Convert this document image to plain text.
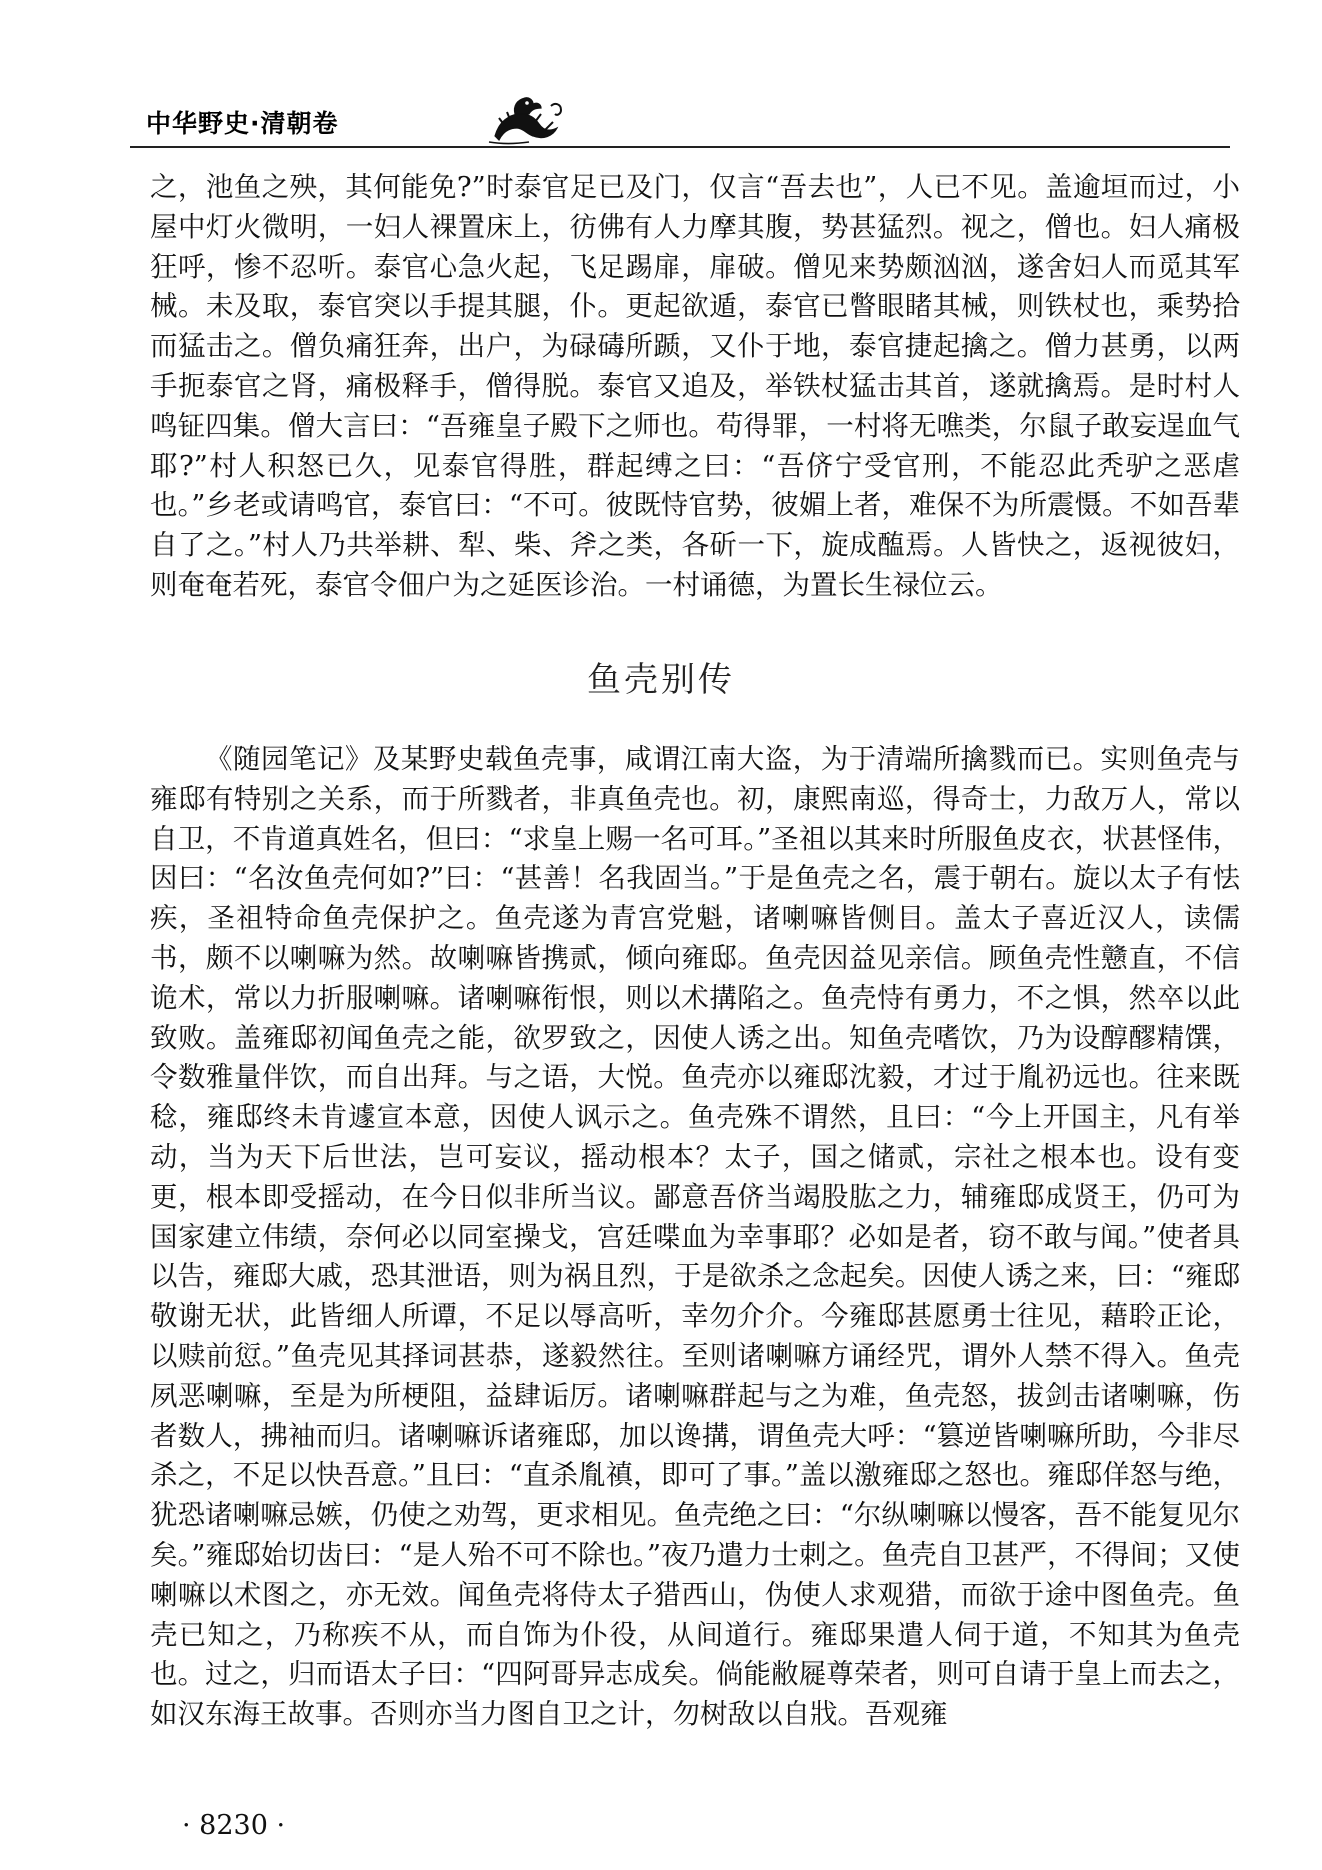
中华野史·清朝卷

之，池鱼之殃，其何能免?”时泰官足已及门，仅言“吾去也”，人已不见。盖逾垣而过，小屋中灯火微明，一妇人裸置床上，彷佛有人力摩其腹，势甚猛烈。视之，僧也。妇人痛极狂呼，惨不忍听。泰官心急火起，飞足踢扉，扉破。僧见来势颇汹汹，遂舍妇人而觅其军械。未及取，泰官突以手提其腿，仆。更起欲遁，泰官已瞥眼睹其械，则铁杖也，乘势拾而猛击之。僧负痛狂奔，出户，为碌碡所踬，又仆于地，泰官捷起擒之。僧力甚勇，以两手扼泰官之肾，痛极释手，僧得脱。泰官又追及，举铁杖猛击其首，遂就擒焉。是时村人鸣钲四集。僧大言曰：“吾雍皇子殿下之师也。苟得罪，一村将无噍类，尔鼠子敢妄逞血气耶?”村人积怒已久，见泰官得胜，群起缚之曰：“吾侪宁受官刑，不能忍此秃驴之恶虐也。”乡老或请鸣官，泰官曰：“不可。彼既恃官势，彼媚上者，难保不为所震慑。不如吾辈自了之。”村人乃共举耕、犁、柴、斧之类，各斫一下，旋成醢焉。人皆快之，返视彼妇，则奄奄若死，泰官令佃户为之延医诊治。一村诵德，为置长生禄位云。

鱼壳别传

《随园笔记》及某野史载鱼壳事，咸谓江南大盗，为于清端所擒戮而已。实则鱼壳与雍邸有特别之关系，而于所戮者，非真鱼壳也。初，康熙南巡，得奇士，力敌万人，常以自卫，不肯道真姓名，但曰：“求皇上赐一名可耳。”圣祖以其来时所服鱼皮衣，状甚怪伟，因曰：“名汝鱼壳何如?”曰：“甚善！名我固当。”于是鱼壳之名，震于朝右。旋以太子有怯疾，圣祖特命鱼壳保护之。鱼壳遂为青宫党魁，诸喇嘛皆侧目。盖太子喜近汉人，读儒书，颇不以喇嘛为然。故喇嘛皆携贰，倾向雍邸。鱼壳因益见亲信。顾鱼壳性戆直，不信诡术，常以力折服喇嘛。诸喇嘛衔恨，则以术搆陷之。鱼壳恃有勇力，不之惧，然卒以此致败。盖雍邸初闻鱼壳之能，欲罗致之，因使人诱之出。知鱼壳嗜饮，乃为设醇醪精馔，令数雅量伴饮，而自出拜。与之语，大悦。鱼壳亦以雍邸沈毅，才过于胤礽远也。往来既稔，雍邸终未肯遽宣本意，因使人讽示之。鱼壳殊不谓然，且曰：“今上开国主，凡有举动，当为天下后世法，岂可妄议，摇动根本？太子，国之储贰，宗社之根本也。设有变更，根本即受摇动，在今日似非所当议。鄙意吾侪当竭股肱之力，辅雍邸成贤王，仍可为国家建立伟绩，奈何必以同室操戈，宫廷喋血为幸事耶？必如是者，窃不敢与闻。”使者具以告，雍邸大戚，恐其泄语，则为祸且烈，于是欲杀之念起矣。因使人诱之来，曰：“雍邸敬谢无状，此皆细人所谭，不足以辱高听，幸勿介介。今雍邸甚愿勇士往见，藉聆正论，以赎前愆。”鱼壳见其择词甚恭，遂毅然往。至则诸喇嘛方诵经咒，谓外人禁不得入。鱼壳夙恶喇嘛，至是为所梗阻，益肆诟厉。诸喇嘛群起与之为难，鱼壳怒，拔剑击诸喇嘛，伤者数人，拂袖而归。诸喇嘛诉诸雍邸，加以谗搆，谓鱼壳大呼：“篡逆皆喇嘛所助，今非尽杀之，不足以快吾意。”且曰：“直杀胤禛，即可了事。”盖以激雍邸之怒也。雍邸佯怒与绝，犹恐诸喇嘛忌嫉，仍使之劝驾，更求相见。鱼壳绝之曰：“尔纵喇嘛以慢客，吾不能复见尔矣。”雍邸始切齿曰：“是人殆不可不除也。”夜乃遣力士刺之。鱼壳自卫甚严，不得间；又使喇嘛以术图之，亦无效。闻鱼壳将侍太子猎西山，伪使人求观猎，而欲于途中图鱼壳。鱼壳已知之，乃称疾不从，而自饰为仆役，从间道行。雍邸果遣人伺于道，不知其为鱼壳也。过之，归而语太子曰：“四阿哥异志成矣。倘能敝屣尊荣者，则可自请于皇上而去之，如汉东海王故事。否则亦当力图自卫之计，勿树敌以自戕。吾观雍

· 8230 ·
